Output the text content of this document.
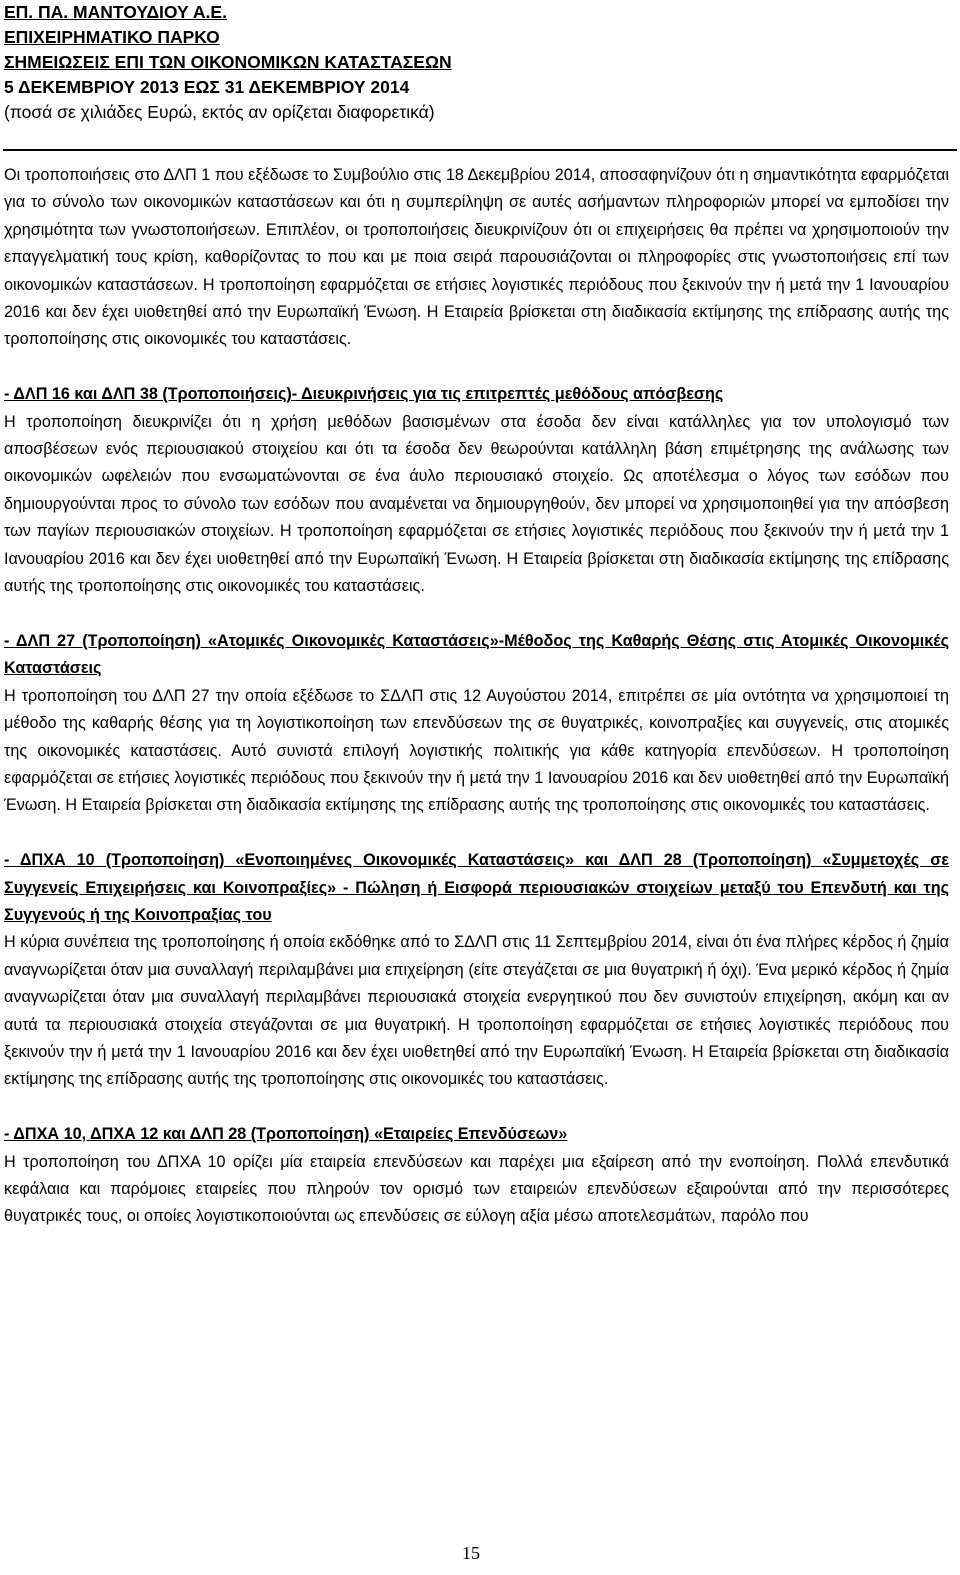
ΕΠ. ΠΑ. ΜΑΝΤΟΥΔΙΟΥ Α.Ε.
ΕΠΙΧΕΙΡΗΜΑΤΙΚΟ ΠΑΡΚΟ
ΣΗΜΕΙΩΣΕΙΣ ΕΠΙ ΤΩΝ ΟΙΚΟΝΟΜΙΚΩΝ ΚΑΤΑΣΤΑΣΕΩΝ
5 ΔΕΚΕΜΒΡΙΟΥ 2013 ΕΩΣ 31 ΔΕΚΕΜΒΡΙΟΥ 2014
(ποσά σε χιλιάδες Ευρώ, εκτός αν ορίζεται διαφορετικά)

Οι τροποποιήσεις στο ΔΛΠ 1 που εξέδωσε το Συμβούλιο στις 18 Δεκεμβρίου 2014, αποσαφηνίζουν ότι η σημαντικότητα εφαρμόζεται για το σύνολο των οικονομικών καταστάσεων και ότι η συμπερίληψη σε αυτές ασήμαντων πληροφοριών μπορεί να εμποδίσει την χρησιμότητα των γνωστοποιήσεων. Επιπλέον, οι τροποποιήσεις διευκρινίζουν ότι οι επιχειρήσεις θα πρέπει να χρησιμοποιούν την επαγγελματική τους κρίση, καθορίζοντας το που και με ποια σειρά παρουσιάζονται οι πληροφορίες στις γνωστοποιήσεις επί των οικονομικών καταστάσεων. Η τροποποίηση εφαρμόζεται σε ετήσιες λογιστικές περιόδους που ξεκινούν την ή μετά την 1 Ιανουαρίου 2016 και δεν έχει υιοθετηθεί από την Ευρωπαϊκή Ένωση. Η Εταιρεία βρίσκεται στη διαδικασία εκτίμησης της επίδρασης αυτής της τροποποίησης στις οικονομικές του καταστάσεις.

- ΔΛΠ 16 και ΔΛΠ 38 (Τροποποιήσεις)- Διευκρινήσεις για τις επιτρεπτές μεθόδους απόσβεσης

Η τροποποίηση διευκρινίζει ότι η χρήση μεθόδων βασισμένων στα έσοδα δεν είναι κατάλληλες για τον υπολογισμό των αποσβέσεων ενός περιουσιακού στοιχείου και ότι τα έσοδα δεν θεωρούνται κατάλληλη βάση επιμέτρησης της ανάλωσης των οικονομικών ωφελειών που ενσωματώνονται σε ένα άυλο περιουσιακό στοιχείο. Ως αποτέλεσμα ο λόγος των εσόδων που δημιουργούνται προς το σύνολο των εσόδων που αναμένεται να δημιουργηθούν, δεν μπορεί να χρησιμοποιηθεί για την απόσβεση των παγίων περιουσιακών στοιχείων. Η τροποποίηση εφαρμόζεται σε ετήσιες λογιστικές περιόδους που ξεκινούν την ή μετά την 1 Ιανουαρίου 2016 και δεν έχει υιοθετηθεί από την Ευρωπαϊκή Ένωση. Η Εταιρεία βρίσκεται στη διαδικασία εκτίμησης της επίδρασης αυτής της τροποποίησης στις οικονομικές του καταστάσεις.

- ΔΛΠ 27 (Τροποποίηση) «Ατομικές Οικονομικές Καταστάσεις»-Μέθοδος της Καθαρής Θέσης στις Ατομικές Οικονομικές Καταστάσεις

Η τροποποίηση του ΔΛΠ 27 την οποία εξέδωσε το ΣΔΛΠ στις 12 Αυγούστου 2014, επιτρέπει σε μία οντότητα να χρησιμοποιεί τη μέθοδο της καθαρής θέσης για τη λογιστικοποίηση των επενδύσεων της σε θυγατρικές, κοινοπραξίες και συγγενείς, στις ατομικές της οικονομικές καταστάσεις. Αυτό συνιστά επιλογή λογιστικής πολιτικής για κάθε κατηγορία επενδύσεων. Η τροποποίηση εφαρμόζεται σε ετήσιες λογιστικές περιόδους που ξεκινούν την ή μετά την 1 Ιανουαρίου 2016 και δεν υιοθετηθεί από την Ευρωπαϊκή Ένωση. Η Εταιρεία βρίσκεται στη διαδικασία εκτίμησης της επίδρασης αυτής της τροποποίησης στις οικονομικές του καταστάσεις.

- ΔΠΧΑ 10 (Τροποποίηση) «Ενοποιημένες Οικονομικές Καταστάσεις» και ΔΛΠ 28 (Τροποποίηση) «Συμμετοχές σε Συγγενείς Επιχειρήσεις και Κοινοπραξίες» - Πώληση ή Εισφορά περιουσιακών στοιχείων μεταξύ του Επενδυτή και της Συγγενούς ή της Κοινοπραξίας του

Η κύρια συνέπεια της τροποποίησης ή οποία εκδόθηκε από το ΣΔΛΠ στις 11 Σεπτεμβρίου 2014, είναι ότι ένα πλήρες κέρδος ή ζημία αναγνωρίζεται όταν μια συναλλαγή περιλαμβάνει μια επιχείρηση (είτε στεγάζεται σε μια θυγατρική ή όχι). Ένα μερικό κέρδος ή ζημία αναγνωρίζεται όταν μια συναλλαγή περιλαμβάνει περιουσιακά στοιχεία ενεργητικού που δεν συνιστούν επιχείρηση, ακόμη και αν αυτά τα περιουσιακά στοιχεία στεγάζονται σε μια θυγατρική. Η τροποποίηση εφαρμόζεται σε ετήσιες λογιστικές περιόδους που ξεκινούν την ή μετά την 1 Ιανουαρίου 2016 και δεν έχει υιοθετηθεί από την Ευρωπαϊκή Ένωση. Η Εταιρεία βρίσκεται στη διαδικασία εκτίμησης της επίδρασης αυτής της τροποποίησης στις οικονομικές του καταστάσεις.

- ΔΠΧΑ 10, ΔΠΧΑ 12 και ΔΛΠ 28 (Τροποποίηση) «Εταιρείες Επενδύσεων»

Η τροποποίηση του ΔΠΧΑ 10 ορίζει μία εταιρεία επενδύσεων και παρέχει μια εξαίρεση από την ενοποίηση. Πολλά επενδυτικά κεφάλαια και παρόμοιες εταιρείες που πληρούν τον ορισμό των εταιρειών επενδύσεων εξαιρούνται από την περισσότερες θυγατρικές τους, οι οποίες λογιστικοποιούνται ως επενδύσεις σε εύλογη αξία μέσω αποτελεσμάτων, παρόλο που

15
